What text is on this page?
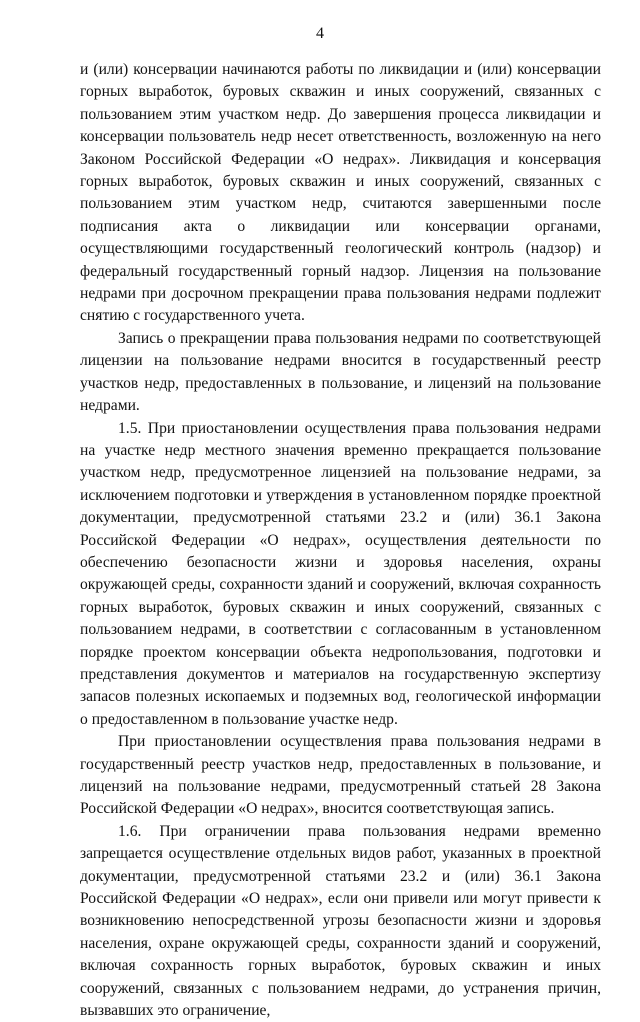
4

и (или) консервации начинаются работы по ликвидации и (или) консервации горных выработок, буровых скважин и иных сооружений, связанных с пользованием этим участком недр. До завершения процесса ликвидации и консервации пользователь недр несет ответственность, возложенную на него Законом Российской Федерации «О недрах». Ликвидация и консервация горных выработок, буровых скважин и иных сооружений, связанных с пользованием этим участком недр, считаются завершенными после подписания акта о ликвидации или консервации органами, осуществляющими государственный геологический контроль (надзор) и федеральный государственный горный надзор. Лицензия на пользование недрами при досрочном прекращении права пользования недрами подлежит снятию с государственного учета.

Запись о прекращении права пользования недрами по соответствующей лицензии на пользование недрами вносится в государственный реестр участков недр, предоставленных в пользование, и лицензий на пользование недрами.

1.5. При приостановлении осуществления права пользования недрами на участке недр местного значения временно прекращается пользование участком недр, предусмотренное лицензией на пользование недрами, за исключением подготовки и утверждения в установленном порядке проектной документации, предусмотренной статьями 23.2 и (или) 36.1 Закона Российской Федерации «О недрах», осуществления деятельности по обеспечению безопасности жизни и здоровья населения, охраны окружающей среды, сохранности зданий и сооружений, включая сохранность горных выработок, буровых скважин и иных сооружений, связанных с пользованием недрами, в соответствии с согласованным в установленном порядке проектом консервации объекта недропользования, подготовки и представления документов и материалов на государственную экспертизу запасов полезных ископаемых и подземных вод, геологической информации о предоставленном в пользование участке недр.

При приостановлении осуществления права пользования недрами в государственный реестр участков недр, предоставленных в пользование, и лицензий на пользование недрами, предусмотренный статьей 28 Закона Российской Федерации «О недрах», вносится соответствующая запись.

1.6. При ограничении права пользования недрами временно запрещается осуществление отдельных видов работ, указанных в проектной документации, предусмотренной статьями 23.2 и (или) 36.1 Закона Российской Федерации «О недрах», если они привели или могут привести к возникновению непосредственной угрозы безопасности жизни и здоровья населения, охране окружающей среды, сохранности зданий и сооружений, включая сохранность горных выработок, буровых скважин и иных сооружений, связанных с пользованием недрами, до устранения причин, вызвавших это ограничение,
